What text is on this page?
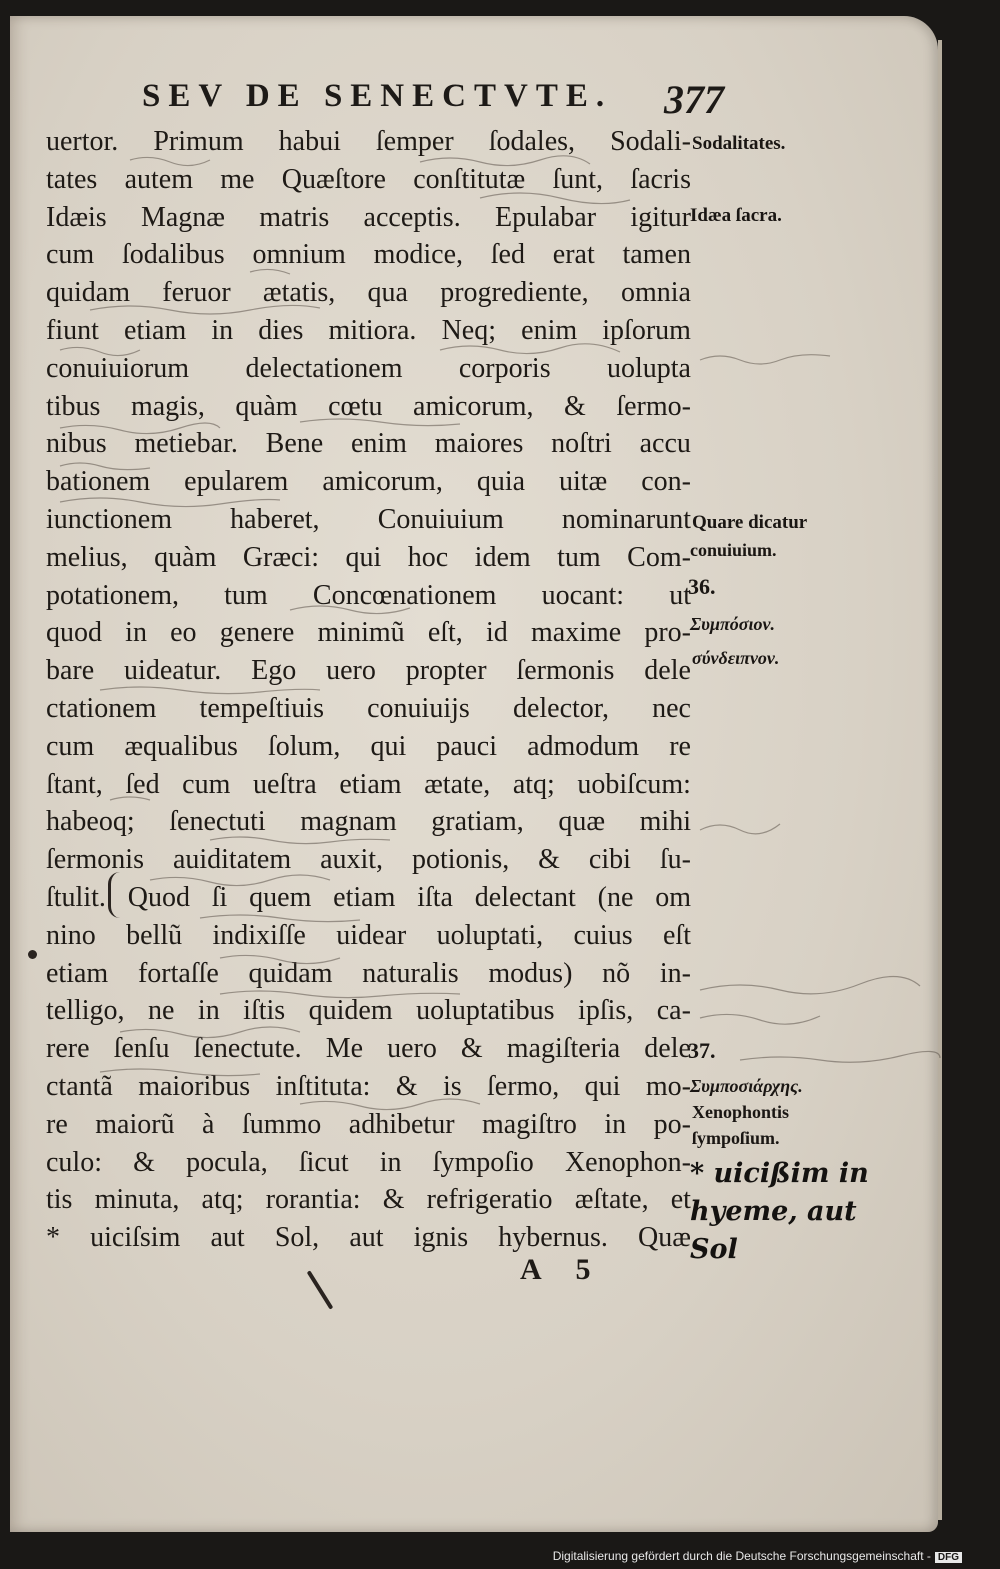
SEV DE SENECTVTE. 377
uertor. Primum habui ſemper ſodales, Sodali-
tates autem me Quæſtore conſtitutæ ſunt, ſacris
Idæis Magnæ matris acceptis. Epulabar igitur
cum ſodalibus omnium modice, ſed erat tamen
quidam feruor ætatis, qua progrediente, omnia
fiunt etiam in dies mitiora. Neq; enim ipſorum
conuiuiorum delectationem corporis uolupta
tibus magis, quàm cœtu amicorum, & ſermo-
nibus metiebar. Bene enim maiores noſtri accu
bationem epularem amicorum, quia uitæ con-
iunctionem haberet, Conuiuium nominarunt
melius, quàm Græci: qui hoc idem tum Com-
potationem, tum Concœnationem uocant: ut
quod in eo genere minimũ eſt, id maxime pro-
bare uideatur. Ego uero propter ſermonis dele
ctationem tempeſtiuis conuiuijs delector, nec
cum æqualibus ſolum, qui pauci admodum re
ſtant, ſed cum ueſtra etiam ætate, atq; uobiſcum:
habeoq; ſenectuti magnam gratiam, quæ mihi
ſermonis auiditatem auxit, potionis, & cibi ſu-
ſtulit. Quod ſi quem etiam iſta delectant (ne om
nino bellũ indixiſſe uidear uoluptati, cuius eſt
etiam fortaſſe quidam naturalis modus) nõ in-
telligo, ne in iſtis quidem uoluptatibus ipſis, ca-
rere ſenſu ſenectute. Me uero & magiſteria dele
ctantã maioribus inſtituta: & is ſermo, qui mo-
re maiorũ à ſummo adhibetur magiſtro in po-
culo: & pocula, ſicut in ſympoſio Xenophon-
tis minuta, atq; rorantia: & refrigeratio æſtate, et
* uiciſsim aut Sol, aut ignis hybernus. Quæ
A 5
Sodalitates.
Idæa ſacra.
Quare dicatur
conuiuium.
36.
Συμπόσιον.
σύνδειπνον.
37.
Συμποσιάρχης.
Xenophontis
ſympoſium.
* uicißim in
hyeme, aut
Sol
Digitalisierung gefördert durch die Deutsche Forschungsgemeinschaft - DFG
